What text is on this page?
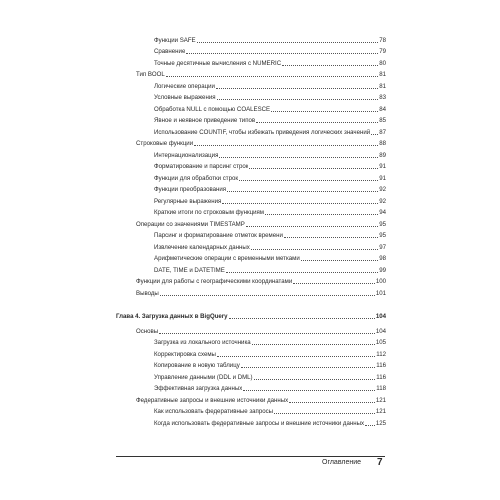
Функции SAFE	78
Сравнение	79
Точные десятичные вычисления с NUMERIC	80
Тип BOOL	81
Логические операции	81
Условные выражения	83
Обработка NULL с помощью COALESCE	84
Явное и неявное приведение типов	85
Использование COUNTIF, чтобы избежать приведения логических значений 87
Строковые функции	88
Интернационализация	89
Форматирование и парсинг строк	91
Функции для обработки строк	91
Функции преобразования	92
Регулярные выражения	92
Краткие итоги по строковым функциям	94
Операции со значениями TIMESTAMP	95
Парсинг и форматирование отметок времени	95
Извлечение календарных данных	97
Арифметические операции с временными метками	98
DATE, TIME и DATETIME	99
Функции для работы с географическими координатами	100
Выводы	101
Глава 4. Загрузка данных в BigQuery	104
Основы	104
Загрузка из локального источника	105
Корректировка схемы	112
Копирование в новую таблицу	116
Управление данными (DDL и DML)	116
Эффективная загрузка данных	118
Федеративные запросы и внешние источники данных	121
Как использовать федеративные запросы	121
Когда использовать федеративные запросы и внешние источники данных 125
Оглавление 7
